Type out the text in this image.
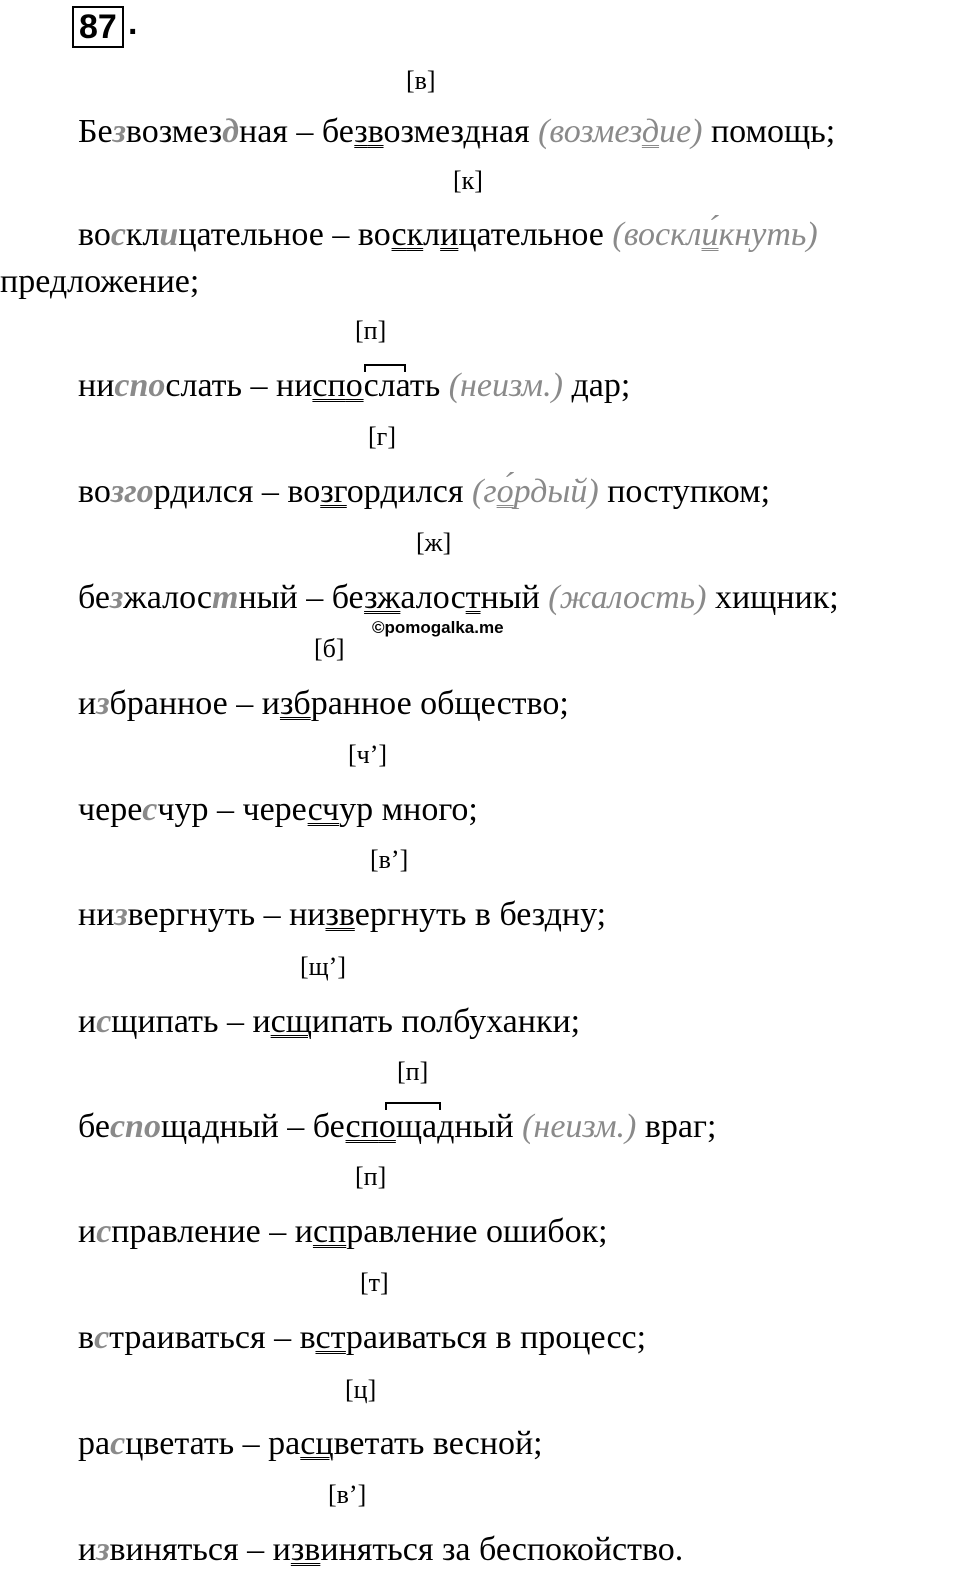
87 .
©pomogalka.me
[в]
[к]
[п]
[г]
[ж]
[б]
[ч’]
[в’]
[щ’]
[п]
[п]
[т]
[ц]
[в’]
Безвозмездная – безвозмездная (возмездие) помощь;
восклицательное – восклицательное (воскли́кнуть)
предложение;
ниспослать – ниспослать (неизм.) дар;
возгордился – возгордился (го́рдый) поступком;
безжалостный – безжалостный (жалость) хищник;
избранное – избранное общество;
чересчур – чересчур много;
низвергнуть – низвергнуть в бездну;
исщипать – исщипать полбуханки;
беспощадный – беспощадный (неизм.) враг;
исправление – исправление ошибок;
встраиваться – встраиваться в процесс;
расцветать – расцветать весной;
извиняться – извиняться за беспокойство.
